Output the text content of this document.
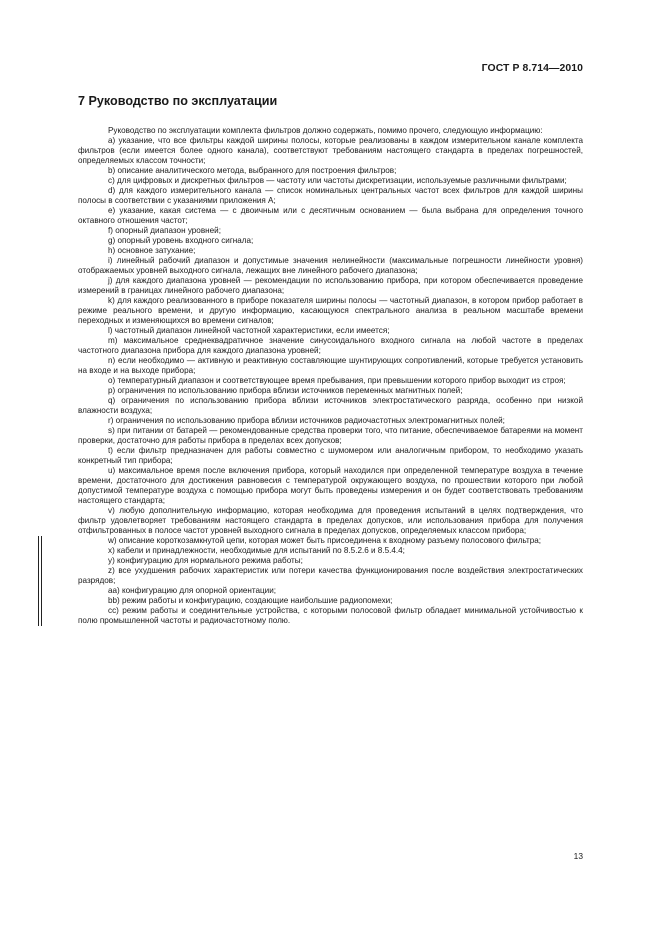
ГОСТ Р 8.714—2010
7 Руководство по эксплуатации

Руководство по эксплуатации комплекта фильтров должно содержать, помимо прочего, следующую информацию:

a) указание, что все фильтры каждой ширины полосы, которые реализованы в каждом измерительном канале комплекта фильтров (если имеется более одного канала), соответствуют требованиям настоящего стандарта в пределах погрешностей, определяемых классом точности;

b) описание аналитического метода, выбранного для построения фильтров;

c) для цифровых и дискретных фильтров — частоту или частоты дискретизации, используемые различными фильтрами;

d) для каждого измерительного канала — список номинальных центральных частот всех фильтров для каждой ширины полосы в соответствии с указаниями приложения А;

e) указание, какая система — с двоичным или с десятичным основанием — была выбрана для определения точного октавного отношения частот;

f) опорный диапазон уровней;

g) опорный уровень входного сигнала;

h) основное затухание;

i) линейный рабочий диапазон и допустимые значения нелинейности (максимальные погрешности линейности уровня) отображаемых уровней выходного сигнала, лежащих вне линейного рабочего диапазона;

j) для каждого диапазона уровней — рекомендации по использованию прибора, при котором обеспечивается проведение измерений в границах линейного рабочего диапазона;

k) для каждого реализованного в приборе показателя ширины полосы — частотный диапазон, в котором прибор работает в режиме реального времени, и другую информацию, касающуюся спектрального анализа в реальном масштабе времени переходных и изменяющихся во времени сигналов;

l) частотный диапазон линейной частотной характеристики, если имеется;

m) максимальное среднеквадратичное значение синусоидального входного сигнала на любой частоте в пределах частотного диапазона прибора для каждого диапазона уровней;

n) если необходимо — активную и реактивную составляющие шунтирующих сопротивлений, которые требуется установить на входе и на выходе прибора;

o) температурный диапазон и соответствующее время пребывания, при превышении которого прибор выходит из строя;

p) ограничения по использованию прибора вблизи источников переменных магнитных полей;

q) ограничения по использованию прибора вблизи источников электростатического разряда, особенно при низкой влажности воздуха;

r) ограничения по использованию прибора вблизи источников радиочастотных электромагнитных полей;

s) при питании от батарей — рекомендованные средства проверки того, что питание, обеспечиваемое батареями на момент проверки, достаточно для работы прибора в пределах всех допусков;

t) если фильтр предназначен для работы совместно с шумомером или аналогичным прибором, то необходимо указать конкретный тип прибора;

u) максимальное время после включения прибора, который находился при определенной температуре воздуха в течение времени, достаточного для достижения равновесия с температурой окружающего воздуха, по прошествии которого при любой допустимой температуре воздуха с помощью прибора могут быть проведены измерения и он будет соответствовать требованиям настоящего стандарта;

v) любую дополнительную информацию, которая необходима для проведения испытаний в целях подтверждения, что фильтр удовлетворяет требованиям настоящего стандарта в пределах допусков, или использования прибора для получения отфильтрованных в полосе частот уровней выходного сигнала в пределах допусков, определяемых классом прибора;

w) описание короткозамкнутой цепи, которая может быть присоединена к входному разъему полосового фильтра;

x) кабели и принадлежности, необходимые для испытаний по 8.5.2.6 и 8.5.4.4;

y) конфигурацию для нормального режима работы;

z) все ухудшения рабочих характеристик или потери качества функционирования после воздействия электростатических разрядов;

aa) конфигурацию для опорной ориентации;

bb) режим работы и конфигурацию, создающие наибольшие радиопомехи;

cc) режим работы и соединительные устройства, с которыми полосовой фильтр обладает минимальной устойчивостью к полю промышленной частоты и радиочастотному полю.

13
